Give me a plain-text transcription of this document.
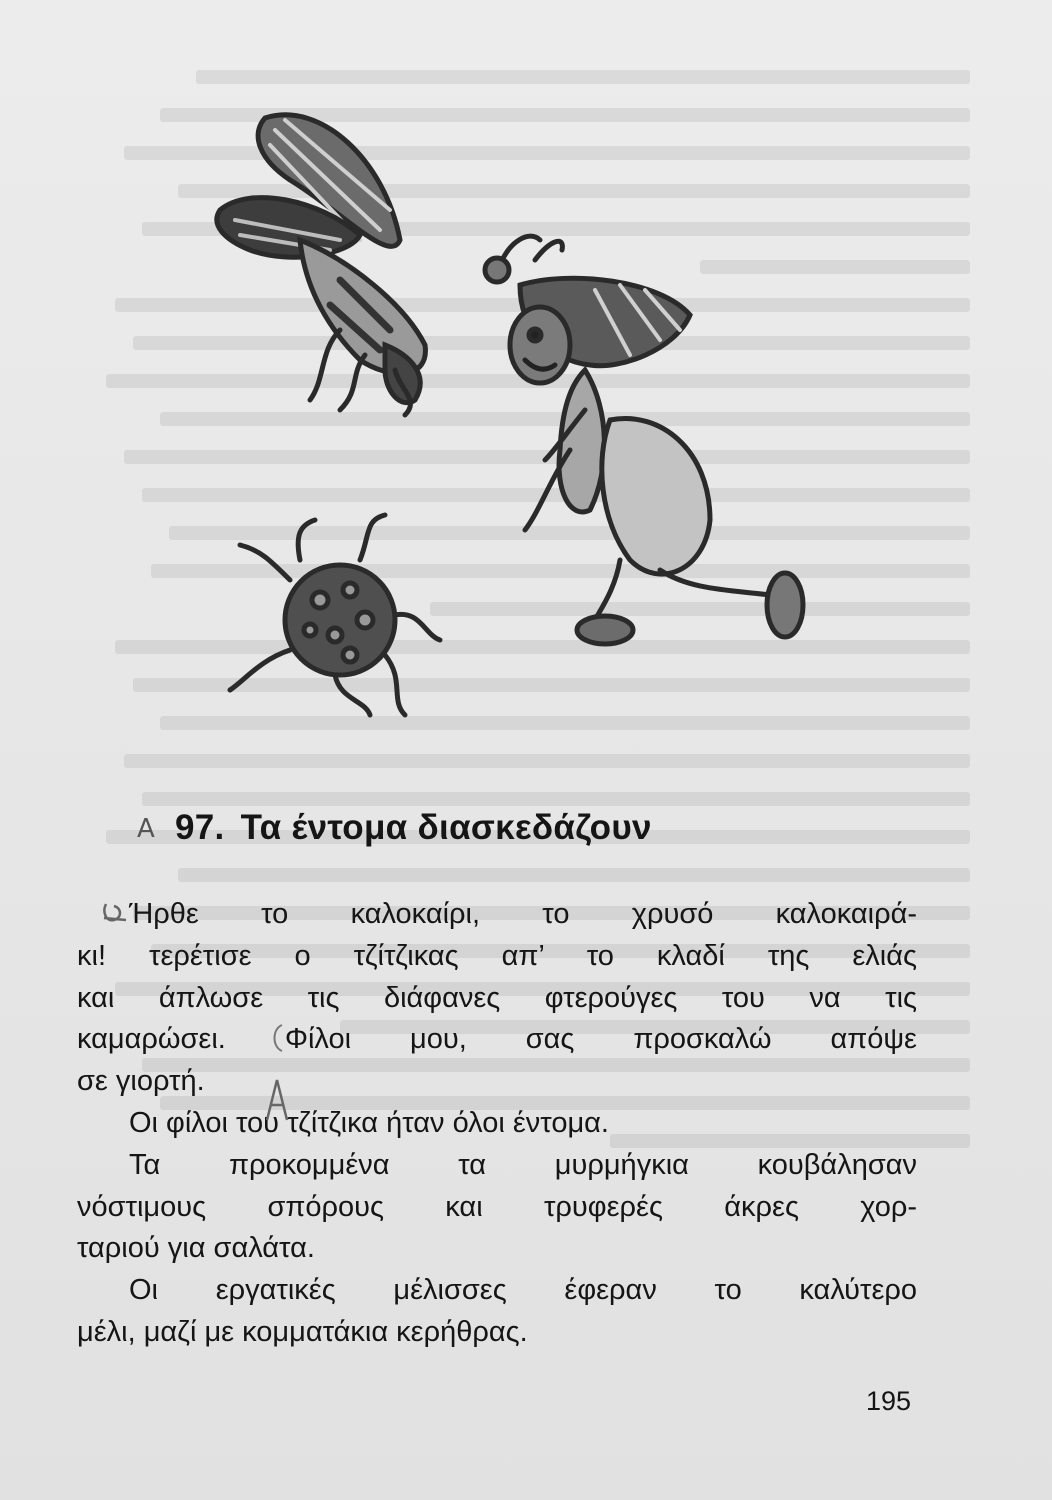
A 97. Τα έντομα διασκεδάζουν
Ήρθε το καλοκαίρι, το χρυσό καλοκαιρά-
κι! τερέτισε ο τζίτζικας απ’ το κλαδί της ελιάς
και άπλωσε τις διάφανες φτερούγες του να τις
καμαρώσει. Φίλοι μου, σας προσκαλώ απόψε
σε γιορτή.
Οι φίλοι του τζίτζικα ήταν όλοι έντομα.
Τα προκομμένα τα μυρμήγκια κουβάλησαν
νόστιμους σπόρους και τρυφερές άκρες χορ-
ταριού για σαλάτα.
Οι εργατικές μέλισσες έφεραν το καλύτερο
μέλι, μαζί με κομματάκια κερήθρας.
195
